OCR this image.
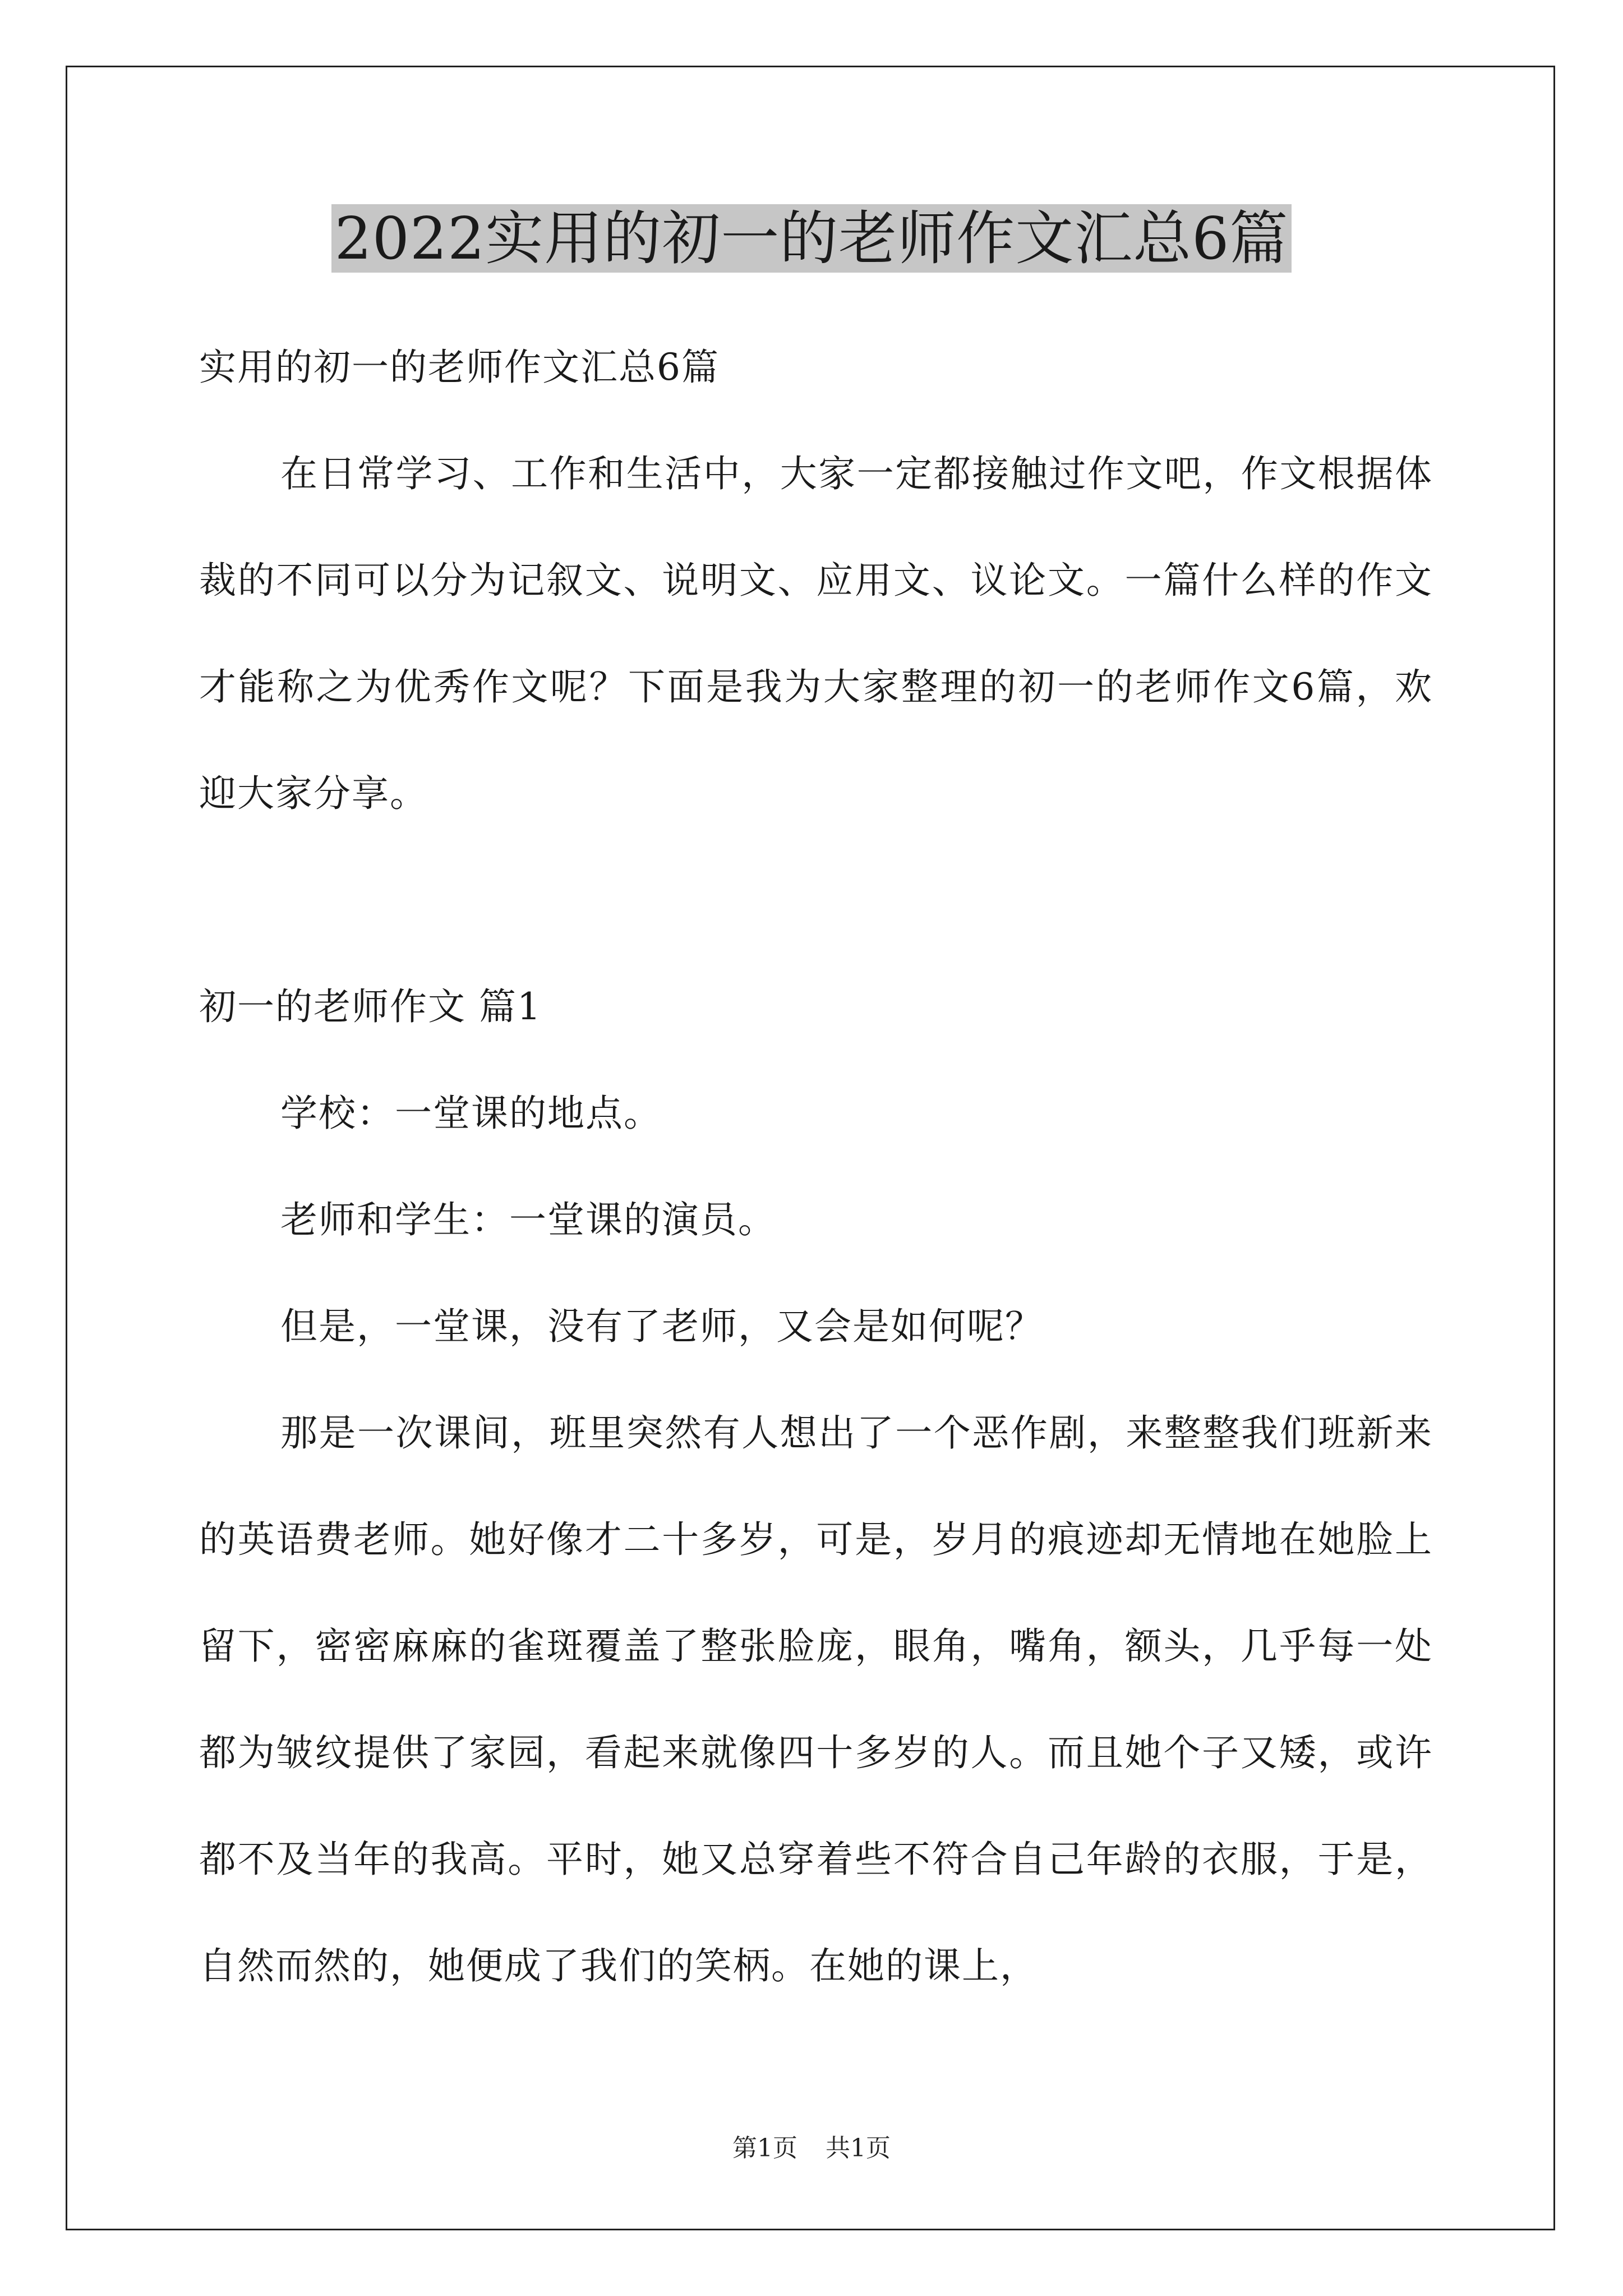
2022实用的初一的老师作文汇总6篇

实用的初一的老师作文汇总6篇

在日常学习、工作和生活中，大家一定都接触过作文吧，作文根据体裁的不同可以分为记叙文、说明文、应用文、议论文。一篇什么样的作文才能称之为优秀作文呢？下面是我为大家整理的初一的老师作文6篇，欢迎大家分享。

初一的老师作文 篇1

学校：一堂课的地点。

老师和学生：一堂课的演员。

但是，一堂课，没有了老师，又会是如何呢？

那是一次课间，班里突然有人想出了一个恶作剧，来整整我们班新来的英语费老师。她好像才二十多岁，可是，岁月的痕迹却无情地在她脸上留下，密密麻麻的雀斑覆盖了整张脸庞，眼角，嘴角，额头，几乎每一处都为皱纹提供了家园，看起来就像四十多岁的人。而且她个子又矮，或许都不及当年的我高。平时，她又总穿着些不符合自己年龄的衣服，于是，自然而然的，她便成了我们的笑柄。在她的课上，

第1页 共1页
